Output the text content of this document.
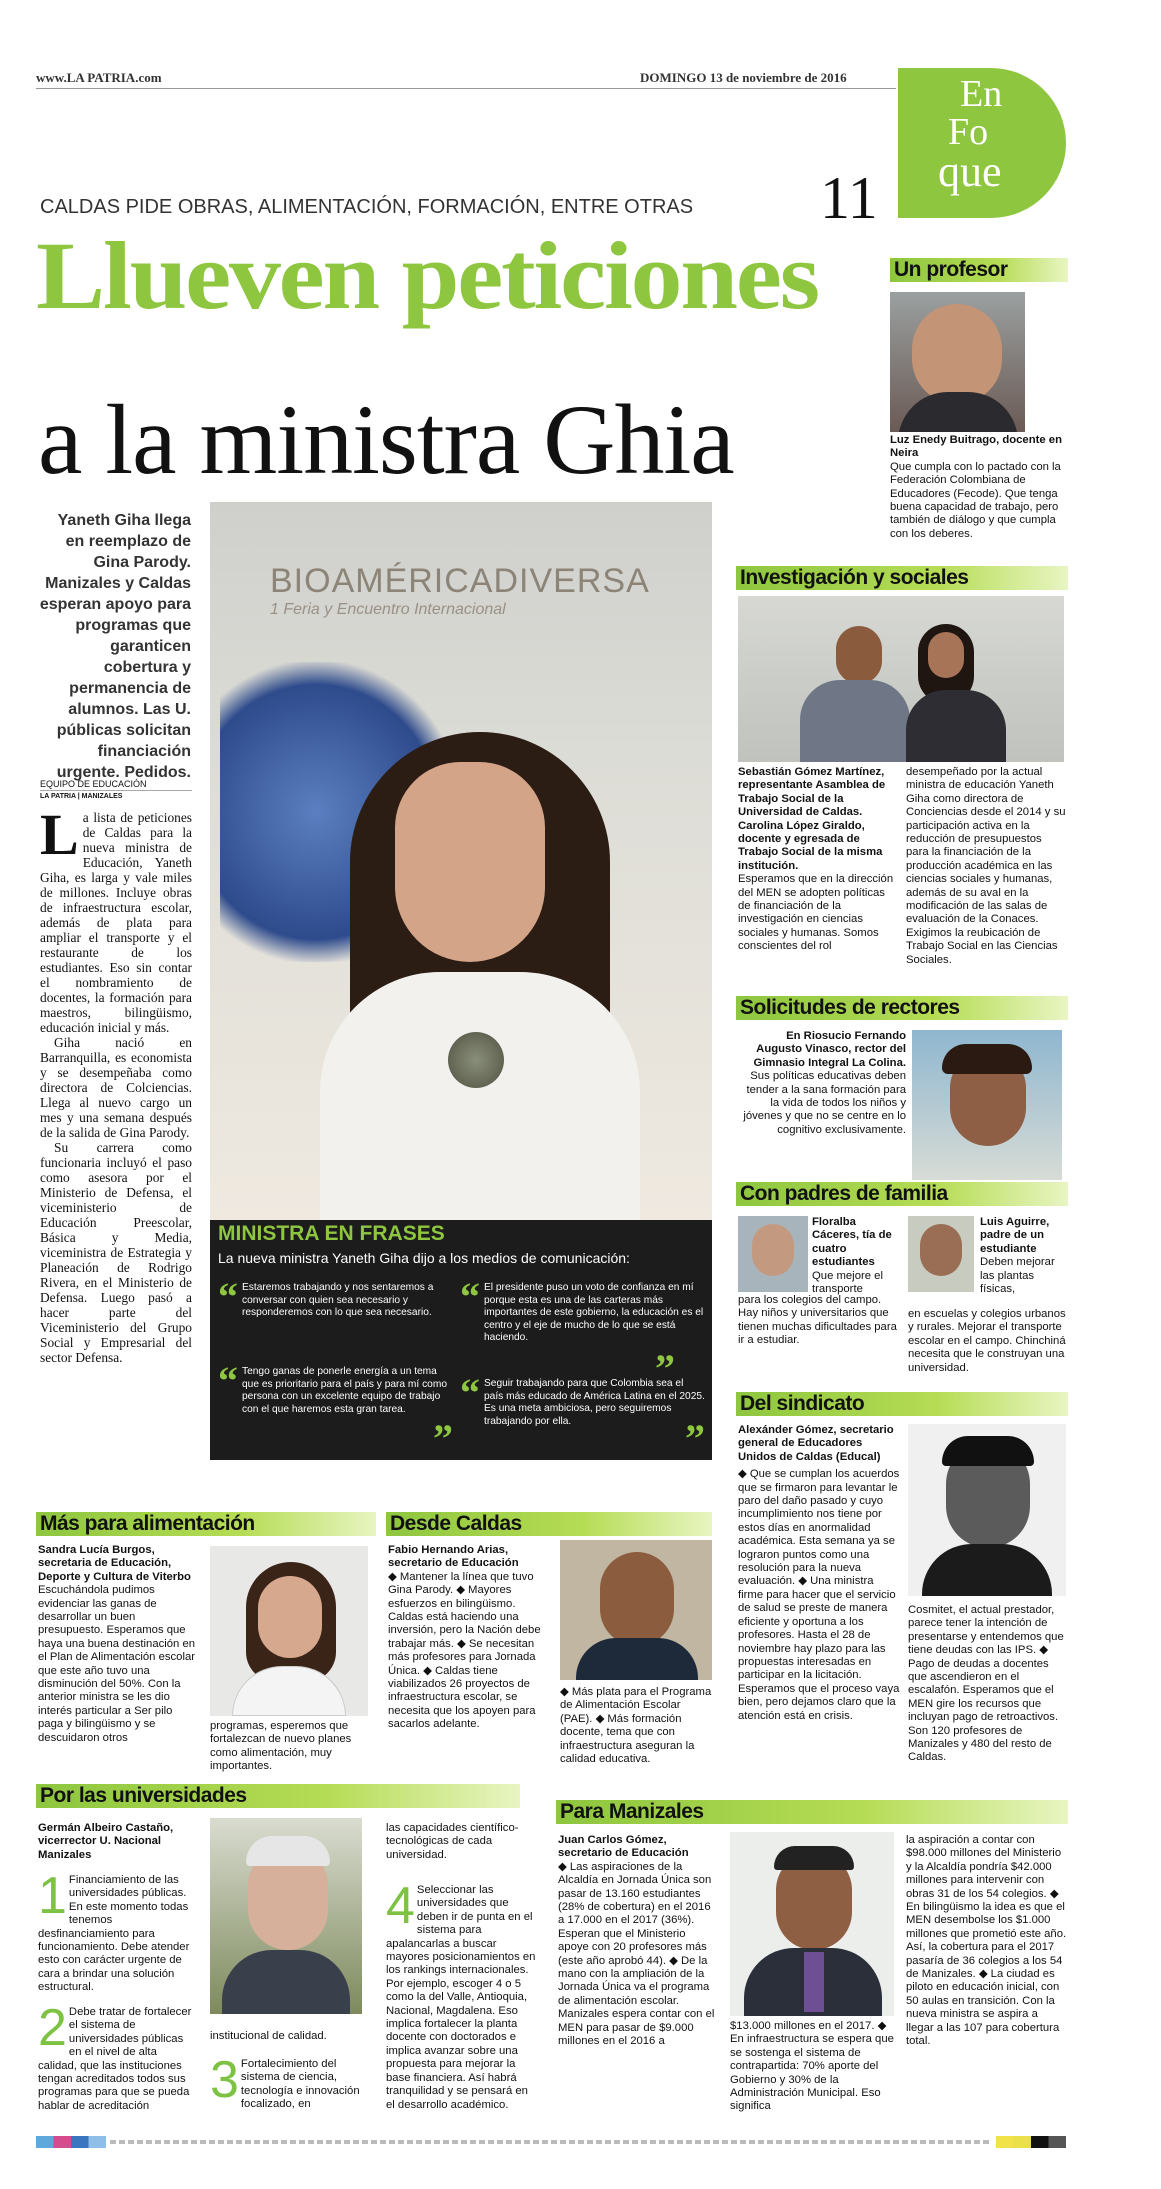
www.LA PATRIA.com	DOMINGO 13 de noviembre de 2016	En
Fo
que
11
CALDAS PIDE OBRAS, ALIMENTACIÓN, FORMACIÓN, ENTRE OTRAS
Llueven peticiones
a la ministra Ghia
Yaneth Giha llega en reemplazo de Gina Parody. Manizales y Caldas esperan apoyo para programas que garanticen cobertura y permanencia de alumnos. Las U. públicas solicitan financiación urgente. Pedidos.
EQUIPO DE EDUCACIÓN
LA PATRIA | MANIZALES
L a lista de peticiones de Caldas para la nueva ministra de Educación, Yaneth Giha, es larga y vale miles de millones. Incluye obras de infraestructura escolar, además de plata para ampliar el transporte y el restaurante de los estudiantes. Eso sin contar el nombramiento de docentes, la formación para maestros, bilingüismo, educación inicial y más.

Giha nació en Barranquilla, es economista y se desempeñaba como directora de Colciencias. Llega al nuevo cargo un mes y una semana después de la salida de Gina Parody.

Su carrera como funcionaria incluyó el paso como asesora por el Ministerio de Defensa, el viceministerio de Educación Preescolar, Básica y Media, viceministra de Estrategia y Planeación de Rodrigo Rivera, en el Ministerio de Defensa. Luego pasó a hacer parte del Viceministerio del Grupo Social y Empresarial del sector Defensa.

BIOAMÉRICADIVERSA
1 Feria y Encuentro Internacional
MINISTRA EN FRASES
La nueva ministra Yaneth Giha dijo a los medios de comunicación:
“ Estaremos trabajando y nos sentaremos a conversar con quien sea necesario y responderemos con lo que sea necesario. “ El presidente puso un voto de confianza en mí porque esta es una de las carteras más importantes de este gobierno, la educación es el centro y el eje de mucho de lo que se está haciendo.
”
“ Tengo ganas de ponerle energía a un tema que es prioritario para el país y para mí como persona con un excelente equipo de trabajo con el que haremos esta gran tarea.
”
“ Seguir trabajando para que Colombia sea el país más educado de América Latina en el 2025. Es una meta ambiciosa, pero seguiremos trabajando por ella.	”
Un profesor
Luz Enedy Buitrago, docente en Neira
Que cumpla con lo pactado con la Federación Colombiana de Educadores (Fecode). Que tenga buena capacidad de trabajo, pero también de diálogo y que cumpla con los deberes.
Investigación y sociales
Sebastián Gómez Martínez, representante Asamblea de Trabajo Social de la Universidad de Caldas. Carolina López Giraldo, docente y egresada de Trabajo Social de la misma institución.
Esperamos que en la dirección del MEN se adopten políticas de financiación de la investigación en ciencias sociales y humanas. Somos conscientes del rol
desempeñado por la actual ministra de educación Yaneth Giha como directora de Conciencias desde el 2014 y su participación activa en la reducción de presupuestos para la financiación de la producción académica en las ciencias sociales y humanas, además de su aval en la modificación de las salas de evaluación de la Conaces. Exigimos la reubicación de Trabajo Social en las Ciencias Sociales.
Solicitudes de rectores
En Riosucio Fernando Augusto Vinasco, rector del Gimnasio Integral La Colina.
Sus políticas educativas deben tender a la sana formación para la vida de todos los niños y jóvenes y que no se centre en lo cognitivo exclusivamente.
Con padres de familia
Floralba Cáceres, tía de cuatro estudiantes
Que mejore el transporte
para los colegios del campo. Hay niños y universitarios que tienen muchas dificultades para ir a estudiar.
Luis Aguirre, padre de un estudiante
Deben mejorar las plantas físicas,
en escuelas y colegios urbanos y rurales. Mejorar el transporte escolar en el campo. Chinchiná necesita que le construyan una universidad.
Del sindicato
Alexánder Gómez, secretario general de Educadores Unidos de Caldas (Educal)
◆ Que se cumplan los acuerdos que se firmaron para levantar le paro del daño pasado y cuyo incumplimiento nos tiene por estos días en anormalidad académica. Esta semana ya se lograron puntos como una resolución para la nueva evaluación. ◆ Una ministra firme para hacer que el servicio de salud se preste de manera eficiente y oportuna a los profesores. Hasta el 28 de noviembre hay plazo para las propuestas interesadas en participar en la licitación. Esperamos que el proceso vaya bien, pero dejamos claro que la atención está en crisis.
Cosmitet, el actual prestador, parece tener la intención de presentarse y entendemos que tiene deudas con las IPS. ◆ Pago de deudas a docentes que ascendieron en el escalafón. Esperamos que el MEN gire los recursos que incluyan pago de retroactivos. Son 120 profesores de Manizales y 480 del resto de Caldas.
Más para alimentación
Sandra Lucía Burgos, secretaria de Educación, Deporte y Cultura de Viterbo
Escuchándola pudimos evidenciar las ganas de desarrollar un buen presupuesto. Esperamos que haya una buena destinación en el Plan de Alimentación escolar que este año tuvo una disminución del 50%. Con la anterior ministra se les dio interés particular a Ser pilo paga y bilingüismo y se descuidaron otros
programas, esperemos que fortalezcan de nuevo planes como alimentación, muy importantes.
Desde Caldas
Fabio Hernando Arias, secretario de Educación
◆ Mantener la línea que tuvo Gina Parody. ◆ Mayores esfuerzos en bilingüismo. Caldas está haciendo una inversión, pero la Nación debe trabajar más. ◆ Se necesitan más profesores para Jornada Única. ◆ Caldas tiene viabilizados 26 proyectos de infraestructura escolar, se necesita que los apoyen para sacarlos adelante.
◆ Más plata para el Programa de Alimentación Escolar (PAE). ◆ Más formación docente, tema que con infraestructura aseguran la calidad educativa.
Por las universidades
Germán Albeiro Castaño, vicerrector U. Nacional Manizales
1 Financiamiento de las universidades públicas. En este momento todas tenemos desfinanciamiento para funcionamiento. Debe atender esto con carácter urgente de cara a brindar una solución estructural.
2 Debe tratar de fortalecer el sistema de universidades públicas en el nivel de alta calidad, que las instituciones tengan acreditados todos sus programas para que se pueda hablar de acreditación
institucional de calidad.
3 Fortalecimiento del sistema de ciencia, tecnología e innovación focalizado, en
las capacidades científico-tecnológicas de cada universidad.
4 Seleccionar las universidades que deben ir de punta en el sistema para apalancarlas a buscar mayores posicionamientos en los rankings internacionales. Por ejemplo, escoger 4 o 5 como la del Valle, Antioquia, Nacional, Magdalena. Eso implica fortalecer la planta docente con doctorados e implica avanzar sobre una propuesta para mejorar la base financiera. Así habrá tranquilidad y se pensará en el desarrollo académico.
Para Manizales
Juan Carlos Gómez, secretario de Educación
◆ Las aspiraciones de la Alcaldía en Jornada Única son pasar de 13.160 estudiantes (28% de cobertura) en el 2016 a 17.000 en el 2017 (36%). Esperan que el Ministerio apoye con 20 profesores más (este año aprobó 44). ◆ De la mano con la ampliación de la Jornada Única va el programa de alimentación escolar. Manizales espera contar con el MEN para pasar de $9.000 millones en el 2016 a
$13.000 millones en el 2017. ◆ En infraestructura se espera que se sostenga el sistema de contrapartida: 70% aporte del Gobierno y 30% de la Administración Municipal. Eso significa
la aspiración a contar con $98.000 millones del Ministerio y la Alcaldía pondría $42.000 millones para intervenir con obras 31 de los 54 colegios. ◆ En bilingüismo la idea es que el MEN desembolse los $1.000 millones que prometió este año. Así, la cobertura para el 2017 pasaría de 36 colegios a los 54 de Manizales. ◆ La ciudad es piloto en educación inicial, con 50 aulas en transición. Con la nueva ministra se aspira a llegar a las 107 para cobertura total.
